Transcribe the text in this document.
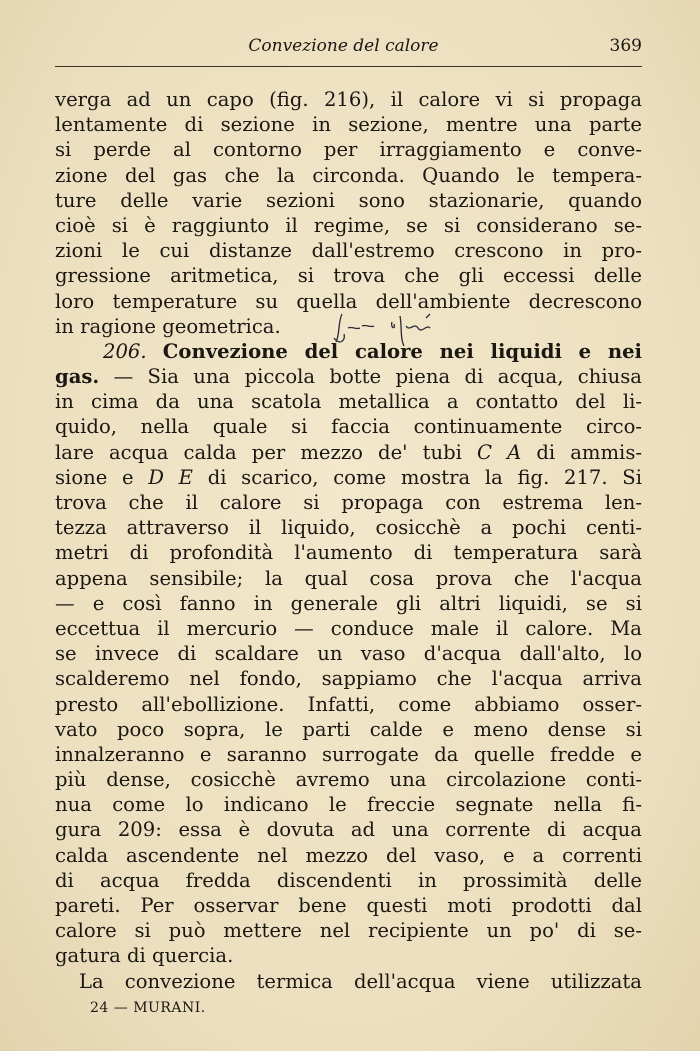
Convezione del calore	369
verga ad un capo (fig. 216), il calore vi si propaga
lentamente di sezione in sezione, mentre una parte
si perde al contorno per irraggiamento e conve-
zione del gas che la circonda. Quando le tempera-
ture delle varie sezioni sono stazionarie, quando
cioè si è raggiunto il regime, se si considerano se-
zioni le cui distanze dall'estremo crescono in pro-
gressione aritmetica, si trova che gli eccessi delle
loro temperature su quella dell'ambiente decrescono
in ragione geometrica.
206. Convezione del calore nei liquidi e nei
gas. — Sia una piccola botte piena di acqua, chiusa
in cima da una scatola metallica a contatto del li-
quido, nella quale si faccia continuamente circo-
lare acqua calda per mezzo de' tubi C A di ammis-
sione e D E di scarico, come mostra la fig. 217. Si
trova che il calore si propaga con estrema len-
tezza attraverso il liquido, cosicchè a pochi centi-
metri di profondità l'aumento di temperatura sarà
appena sensibile; la qual cosa prova che l'acqua
— e così fanno in generale gli altri liquidi, se si
eccettua il mercurio — conduce male il calore. Ma
se invece di scaldare un vaso d'acqua dall'alto, lo
scalderemo nel fondo, sappiamo che l'acqua arriva
presto all'ebollizione. Infatti, come abbiamo osser-
vato poco sopra, le parti calde e meno dense si
innalzeranno e saranno surrogate da quelle fredde e
più dense, cosicchè avremo una circolazione conti-
nua come lo indicano le freccie segnate nella fi-
gura 209: essa è dovuta ad una corrente di acqua
calda ascendente nel mezzo del vaso, e a correnti
di acqua fredda discendenti in prossimità delle
pareti. Per osservar bene questi moti prodotti dal
calore si può mettere nel recipiente un po' di se-
gatura di quercia.
La convezione termica dell'acqua viene utilizzata
24 — MURANI.
